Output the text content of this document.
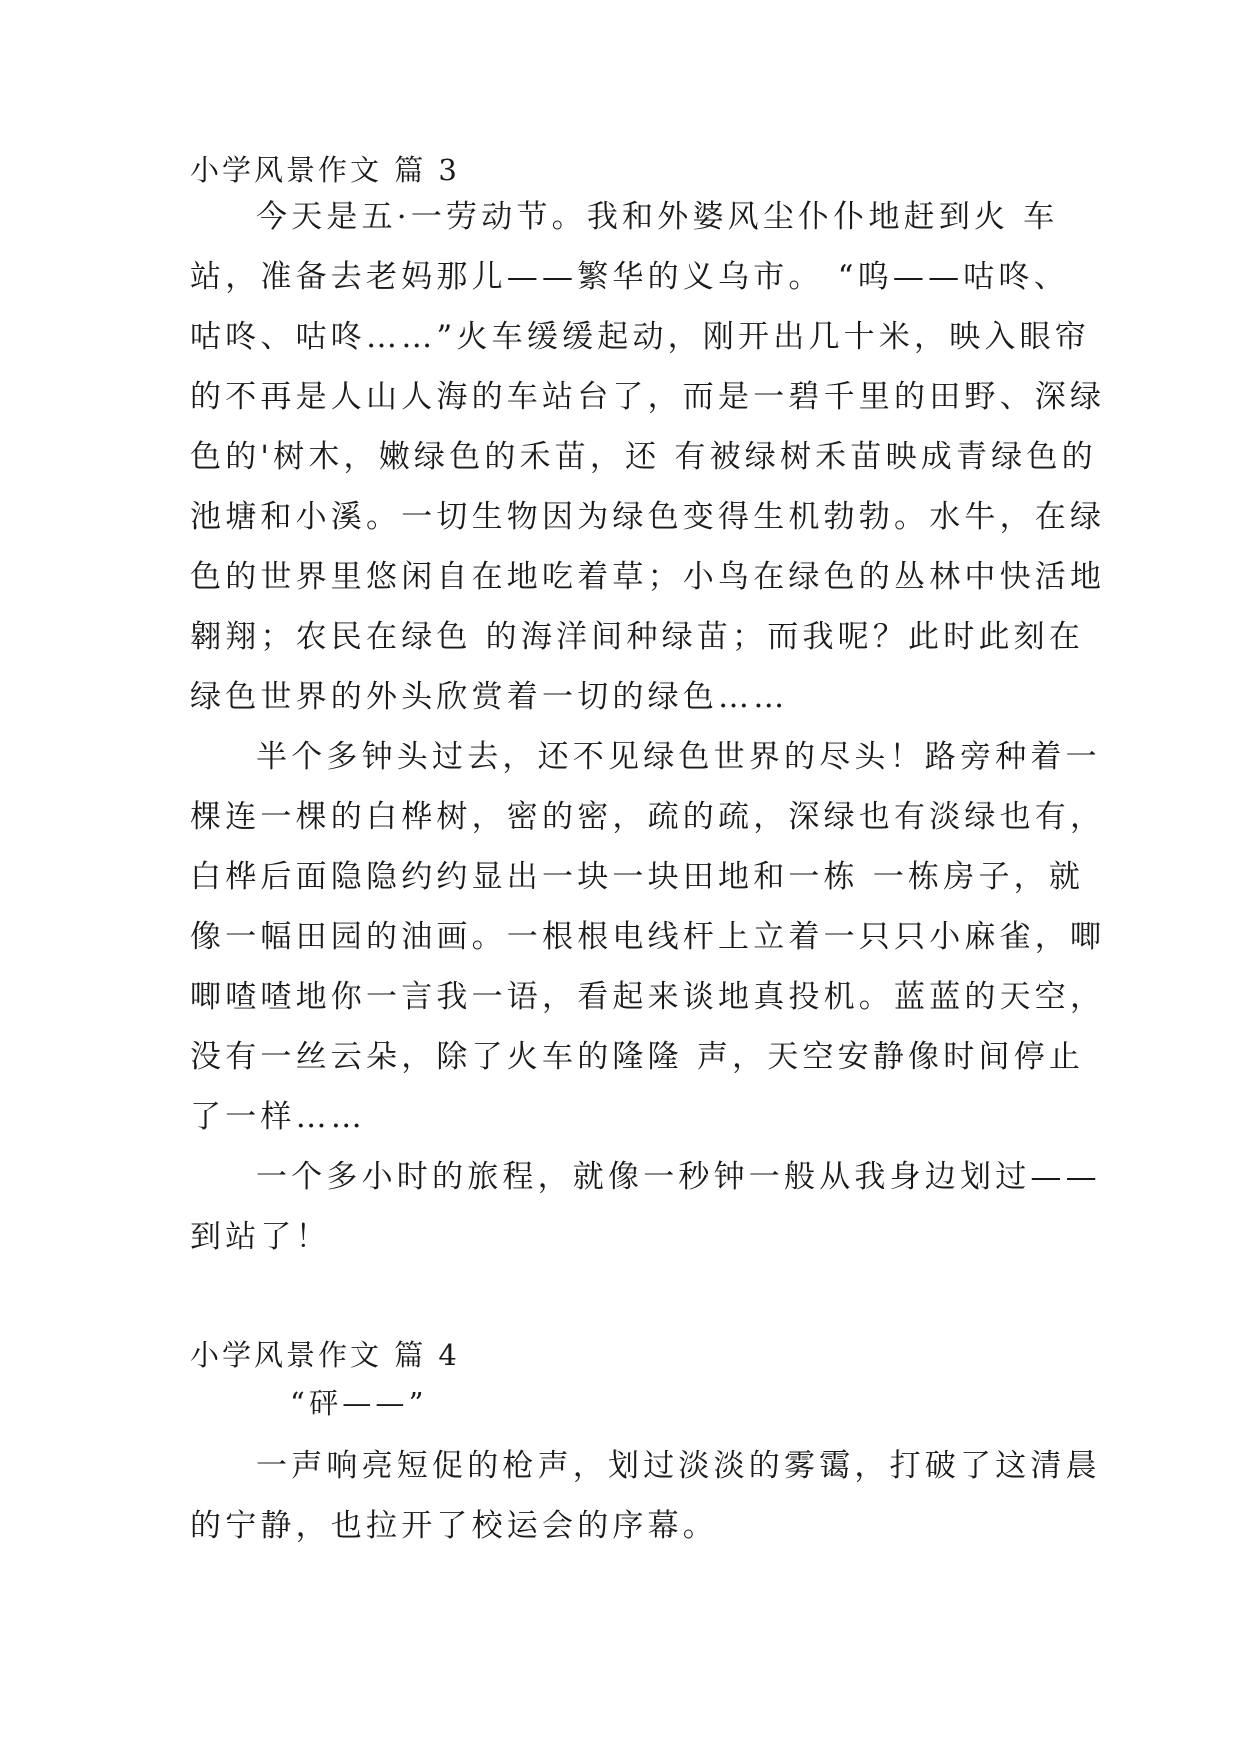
小学风景作文 篇 3
今天是五·一劳动节。我和外婆风尘仆仆地赶到火 车
站，准备去老妈那儿——繁华的义乌市。 “呜——咕咚、
咕咚、咕咚……”火车缓缓起动，刚开出几十米，映入眼帘
的不再是人山人海的车站台了，而是一碧千里的田野、深绿
色的'树木，嫩绿色的禾苗，还 有被绿树禾苗映成青绿色的
池塘和小溪。一切生物因为绿色变得生机勃勃。水牛，在绿
色的世界里悠闲自在地吃着草；小鸟在绿色的丛林中快活地
翱翔；农民在绿色 的海洋间种绿苗；而我呢？此时此刻在
绿色世界的外头欣赏着一切的绿色……
半个多钟头过去，还不见绿色世界的尽头！路旁种着一
棵连一棵的白桦树，密的密，疏的疏，深绿也有淡绿也有，
白桦后面隐隐约约显出一块一块田地和一栋 一栋房子，就
像一幅田园的油画。一根根电线杆上立着一只只小麻雀，唧
唧喳喳地你一言我一语，看起来谈地真投机。蓝蓝的天空，
没有一丝云朵，除了火车的隆隆 声，天空安静像时间停止
了一样……
一个多小时的旅程，就像一秒钟一般从我身边划过——
到站了！
小学风景作文 篇 4
“砰——”
一声响亮短促的枪声，划过淡淡的雾霭，打破了这清晨
的宁静，也拉开了校运会的序幕。
